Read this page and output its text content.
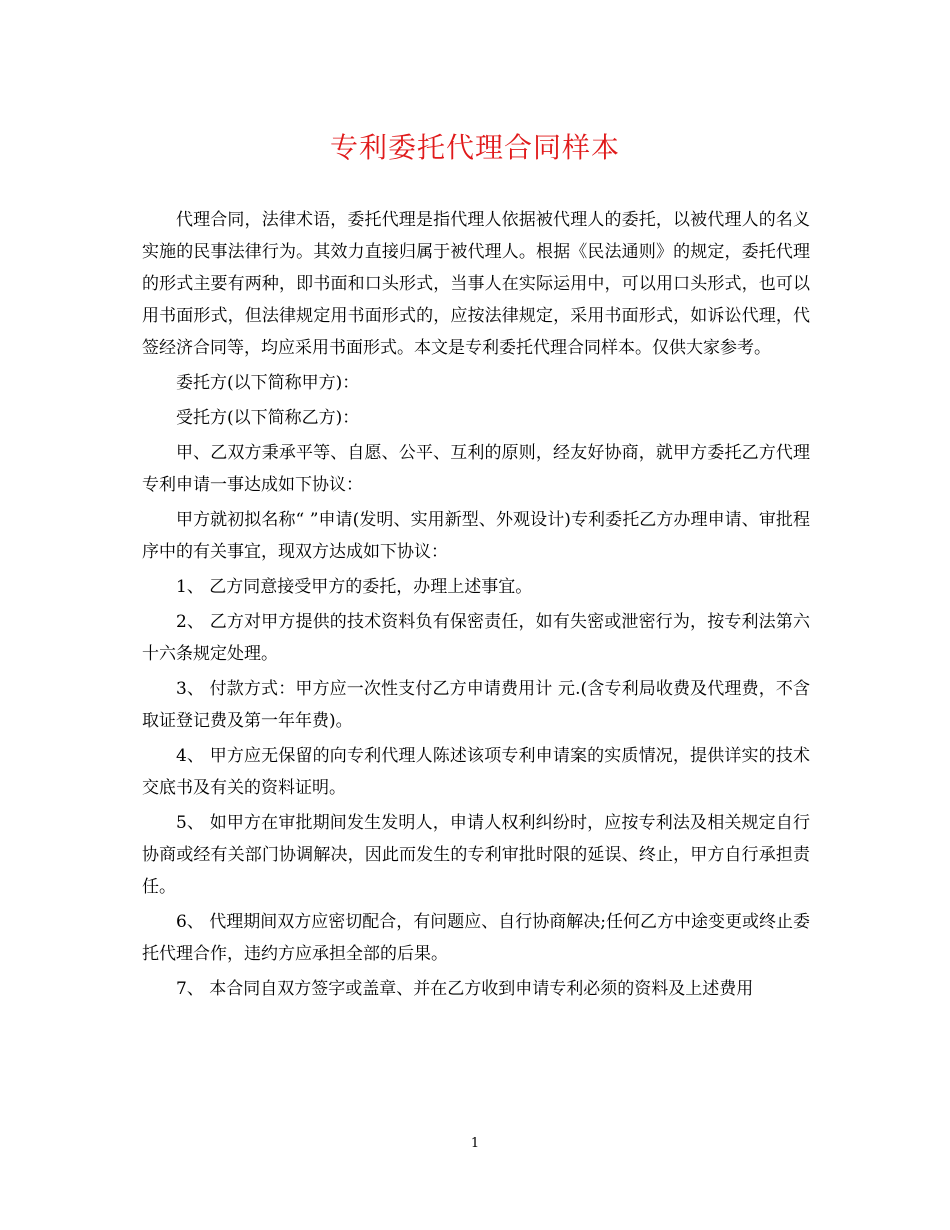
专利委托代理合同样本

代理合同，法律术语，委托代理是指代理人依据被代理人的委托，以被代理人的名义实施的民事法律行为。其效力直接归属于被代理人。根据《民法通则》的规定，委托代理的形式主要有两种，即书面和口头形式，当事人在实际运用中，可以用口头形式，也可以用书面形式，但法律规定用书面形式的，应按法律规定，采用书面形式，如诉讼代理，代签经济合同等，均应采用书面形式。本文是专利委托代理合同样本。仅供大家参考。

委托方(以下简称甲方)：

受托方(以下简称乙方)：

甲、乙双方秉承平等、自愿、公平、互利的原则，经友好协商，就甲方委托乙方代理专利申请一事达成如下协议：

甲方就初拟名称“ ”申请(发明、实用新型、外观设计)专利委托乙方办理申请、审批程序中的有关事宜，现双方达成如下协议：

1、 乙方同意接受甲方的委托，办理上述事宜。

2、 乙方对甲方提供的技术资料负有保密责任，如有失密或泄密行为，按专利法第六十六条规定处理。

3、 付款方式：甲方应一次性支付乙方申请费用计 元.(含专利局收费及代理费，不含取证登记费及第一年年费)。

4、 甲方应无保留的向专利代理人陈述该项专利申请案的实质情况，提供详实的技术交底书及有关的资料证明。

5、 如甲方在审批期间发生发明人，申请人权利纠纷时，应按专利法及相关规定自行协商或经有关部门协调解决，因此而发生的专利审批时限的延误、终止，甲方自行承担责任。

6、 代理期间双方应密切配合，有问题应、自行协商解决;任何乙方中途变更或终止委托代理合作，违约方应承担全部的后果。

7、 本合同自双方签字或盖章、并在乙方收到申请专利必须的资料及上述费用

1
